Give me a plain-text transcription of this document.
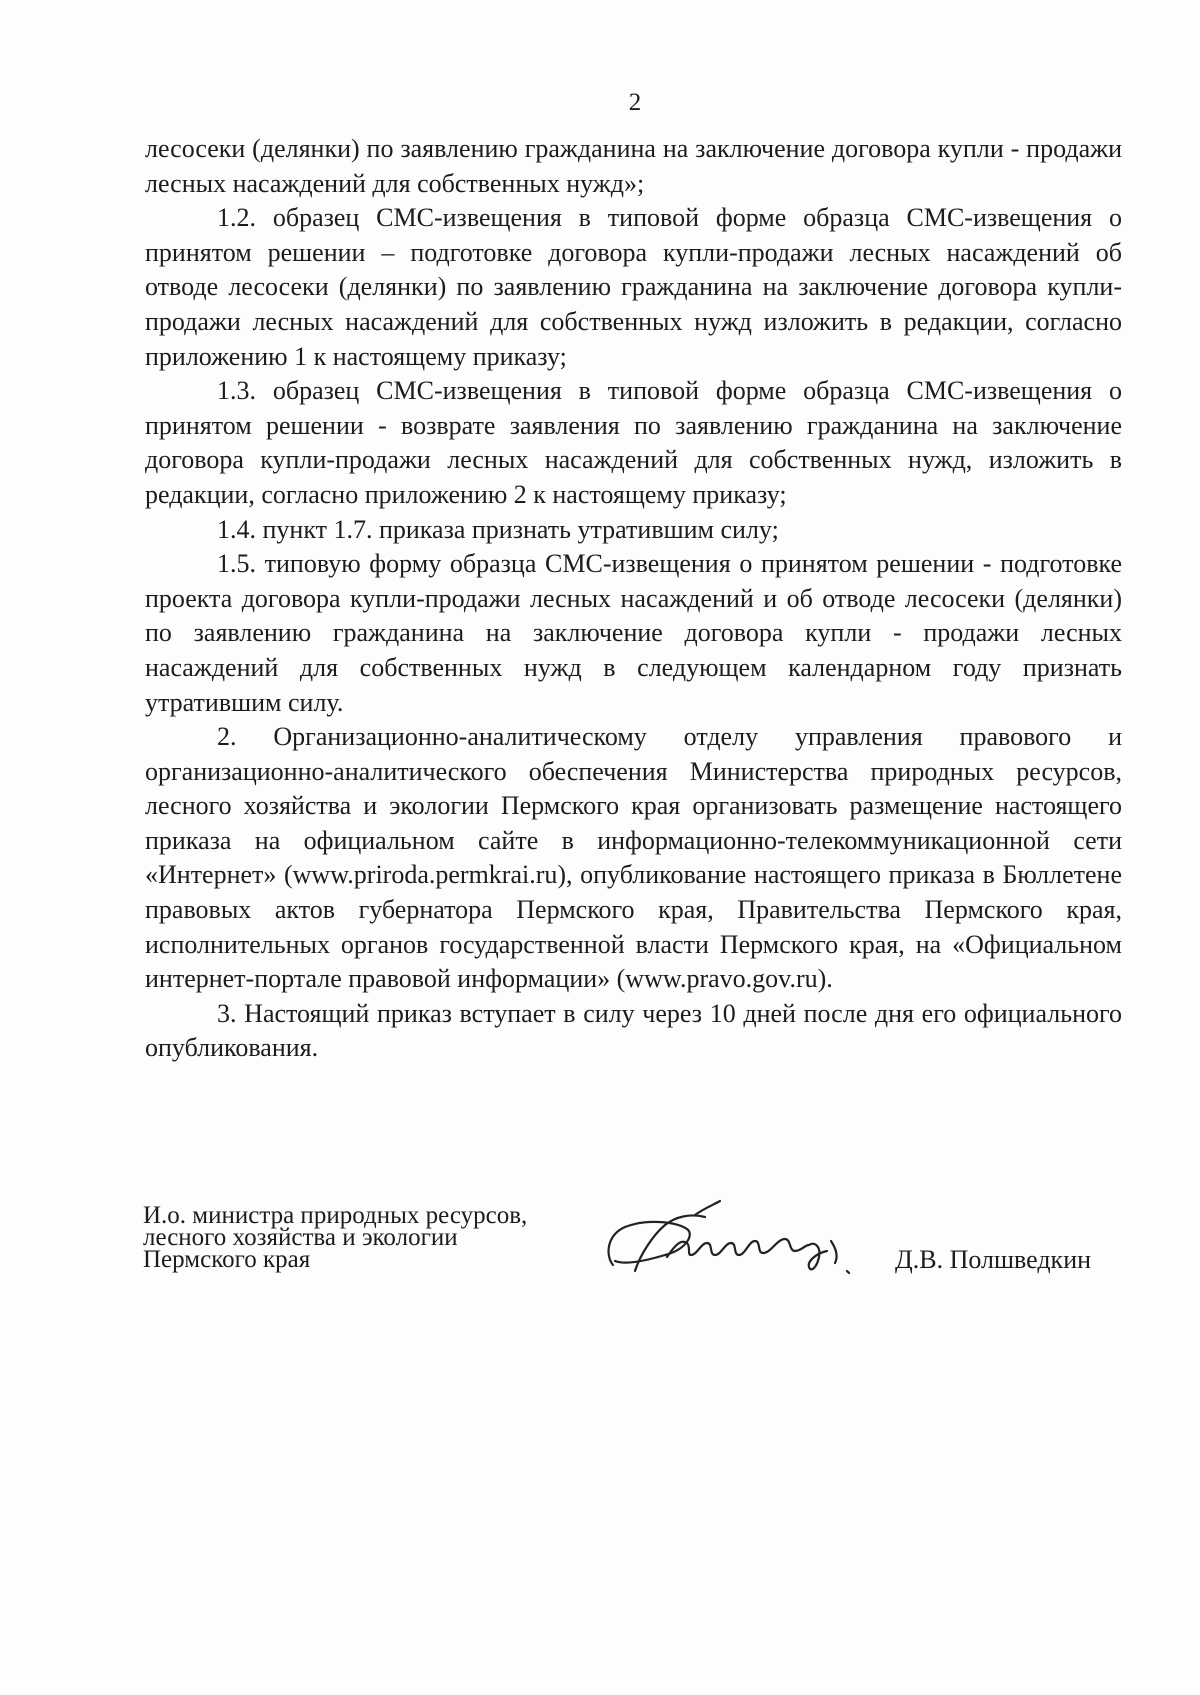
2

лесосеки (делянки) по заявлению гражданина на заключение договора купли - продажи лесных насаждений для собственных нужд»;

1.2. образец СМС-извещения в типовой форме образца СМС-извещения о принятом решении – подготовке договора купли-продажи лесных насаждений об отводе лесосеки (делянки) по заявлению гражданина на заключение договора купли-продажи лесных насаждений для собственных нужд изложить в редакции, согласно приложению 1 к настоящему приказу;

1.3. образец СМС-извещения в типовой форме образца СМС-извещения о принятом решении - возврате заявления по заявлению гражданина на заключение договора купли-продажи лесных насаждений для собственных нужд, изложить в редакции, согласно приложению 2 к настоящему приказу;

1.4. пункт 1.7. приказа признать утратившим силу;

1.5. типовую форму образца СМС-извещения о принятом решении - подготовке проекта договора купли-продажи лесных насаждений и об отводе лесосеки (делянки) по заявлению гражданина на заключение договора купли - продажи лесных насаждений для собственных нужд в следующем календарном году признать утратившим силу.

2. Организационно-аналитическому отделу управления правового и организационно-аналитического обеспечения Министерства природных ресурсов, лесного хозяйства и экологии Пермского края организовать размещение настоящего приказа на официальном сайте в информационно-телекоммуникационной сети «Интернет» (www.priroda.permkrai.ru), опубликование настоящего приказа в Бюллетене правовых актов губернатора Пермского края, Правительства Пермского края, исполнительных органов государственной власти Пермского края, на «Официальном интернет-портале правовой информации» (www.pravo.gov.ru).

3. Настоящий приказ вступает в силу через 10 дней после дня его официального опубликования.

И.о. министра природных ресурсов,
лесного хозяйства и экологии
Пермского края	Д.В. Полшведкин
